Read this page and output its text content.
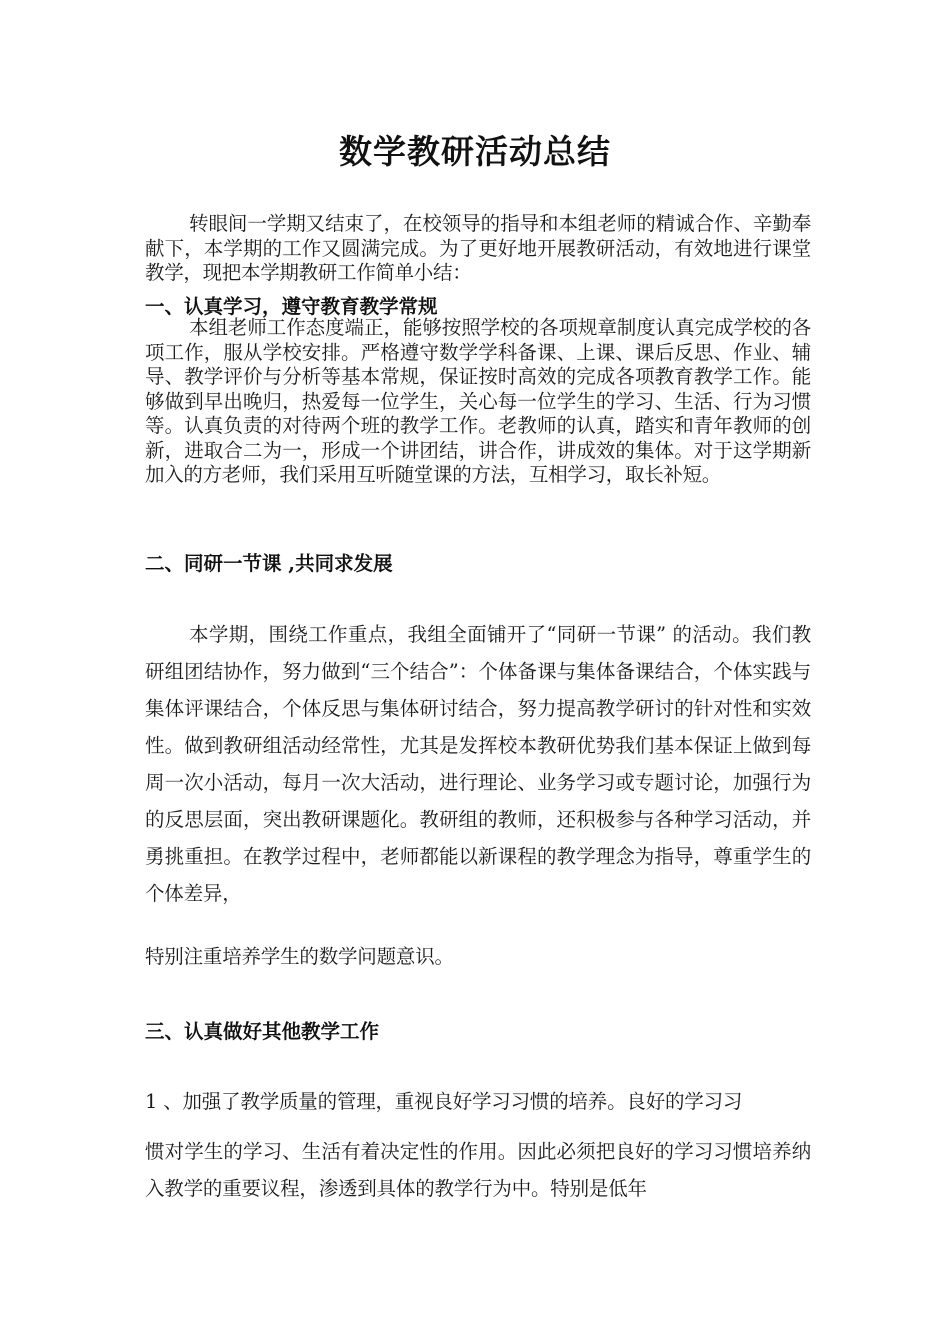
数学教研活动总结
转眼间一学期又结束了，在校领导的指导和本组老师的精诚合作、辛勤奉献下，本学期的工作又圆满完成。为了更好地开展教研活动，有效地进行课堂教学，现把本学期教研工作简单小结：
一、认真学习，遵守教育教学常规
本组老师工作态度端正，能够按照学校的各项规章制度认真完成学校的各项工作，服从学校安排。严格遵守数学学科备课、上课、课后反思、作业、辅导、教学评价与分析等基本常规，保证按时高效的完成各项教育教学工作。能够做到早出晚归，热爱每一位学生，关心每一位学生的学习、生活、行为习惯等。认真负责的对待两个班的教学工作。老教师的认真，踏实和青年教师的创新，进取合二为一，形成一个讲团结，讲合作，讲成效的集体。对于这学期新加入的方老师，我们采用互听随堂课的方法，互相学习，取长补短。
二、同研一节课 ,共同求发展
本学期，围绕工作重点，我组全面铺开了“同研一节课” 的活动。我们教研组团结协作，努力做到“三个结合”：个体备课与集体备课结合，个体实践与集体评课结合，个体反思与集体研讨结合，努力提高教学研讨的针对性和实效性。做到教研组活动经常性，尤其是发挥校本教研优势我们基本保证上做到每周一次小活动，每月一次大活动，进行理论、业务学习或专题讨论，加强行为的反思层面，突出教研课题化。教研组的教师，还积极参与各种学习活动，并勇挑重担。在教学过程中，老师都能以新课程的教学理念为指导，尊重学生的个体差异，
特别注重培养学生的数学问题意识。
三、认真做好其他教学工作
1 、加强了教学质量的管理，重视良好学习习惯的培养。良好的学习习
惯对学生的学习、生活有着决定性的作用。因此必须把良好的学习习惯培养纳入教学的重要议程，渗透到具体的教学行为中。特别是低年
